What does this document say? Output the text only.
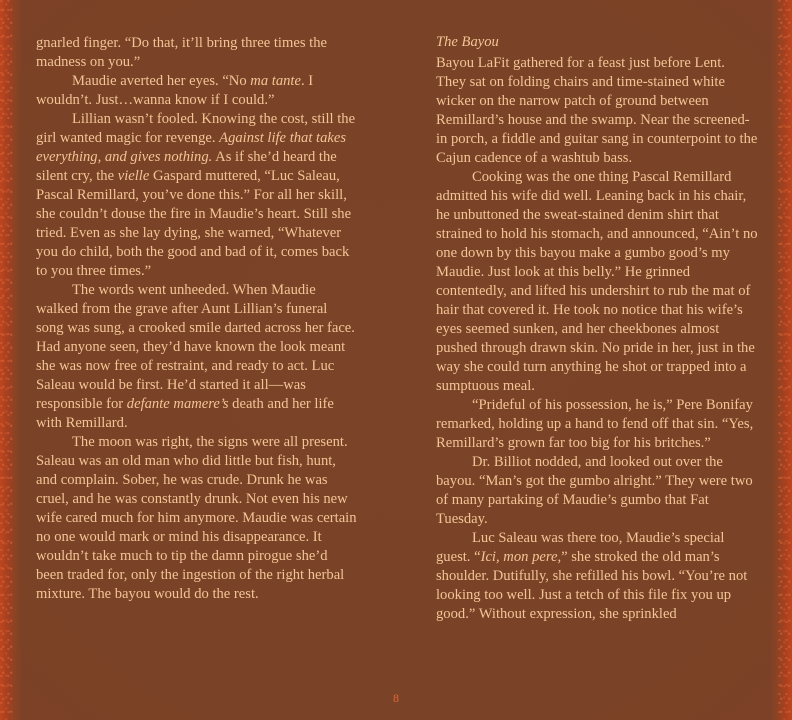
gnarled finger. “Do that, it’ll bring three times the madness on you.”

Maudie averted her eyes. “No ma tante. I wouldn’t. Just…wanna know if I could.”

Lillian wasn’t fooled. Knowing the cost, still the girl wanted magic for revenge. Against life that takes everything, and gives nothing. As if she’d heard the silent cry, the vielle Gaspard muttered, “Luc Saleau, Pascal Remillard, you’ve done this.” For all her skill, she couldn’t douse the fire in Maudie’s heart. Still she tried. Even as she lay dying, she warned, “Whatever you do child, both the good and bad of it, comes back to you three times.”

The words went unheeded. When Maudie walked from the grave after Aunt Lillian’s funeral song was sung, a crooked smile darted across her face. Had anyone seen, they’d have known the look meant she was now free of restraint, and ready to act. Luc Saleau would be first. He’d started it all—was responsible for defante mamere’s death and her life with Remillard.

The moon was right, the signs were all present. Saleau was an old man who did little but fish, hunt, and complain. Sober, he was crude. Drunk he was cruel, and he was constantly drunk. Not even his new wife cared much for him anymore. Maudie was certain no one would mark or mind his disappearance. It wouldn’t take much to tip the damn pirogue she’d been traded for, only the ingestion of the right herbal mixture. The bayou would do the rest.

The Bayou

Bayou LaFit gathered for a feast just before Lent. They sat on folding chairs and time-stained white wicker on the narrow patch of ground between Remillard’s house and the swamp. Near the screened-in porch, a fiddle and guitar sang in counterpoint to the Cajun cadence of a washtub bass.

Cooking was the one thing Pascal Remillard admitted his wife did well. Leaning back in his chair, he unbuttoned the sweat-stained denim shirt that strained to hold his stomach, and announced, “Ain’t no one down by this bayou make a gumbo good’s my Maudie. Just look at this belly.” He grinned contentedly, and lifted his undershirt to rub the mat of hair that covered it. He took no notice that his wife’s eyes seemed sunken, and her cheekbones almost pushed through drawn skin. No pride in her, just in the way she could turn anything he shot or trapped into a sumptuous meal.

“Prideful of his possession, he is,” Pere Bonifay remarked, holding up a hand to fend off that sin. “Yes, Remillard’s grown far too big for his britches.”

Dr. Billiot nodded, and looked out over the bayou. “Man’s got the gumbo alright.” They were two of many partaking of Maudie’s gumbo that Fat Tuesday.

Luc Saleau was there too, Maudie’s special guest. “Ici, mon pere,” she stroked the old man’s shoulder. Dutifully, she refilled his bowl. “You’re not looking too well. Just a tetch of this file fix you up good.” Without expression, she sprinkled

8
